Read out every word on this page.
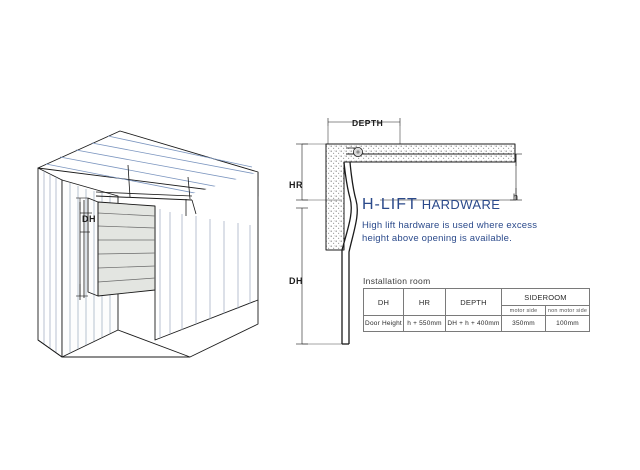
DEPTH
HR
DH
h
DH
H-LIFT HARDWARE
High lift hardware is used where excess height above opening is available.
Installation room
DH	HR	DEPTH	SIDEROOM	
			motor side	non motor side
Door Height	h + 550mm	DH + h + 400mm	350mm	100mm
